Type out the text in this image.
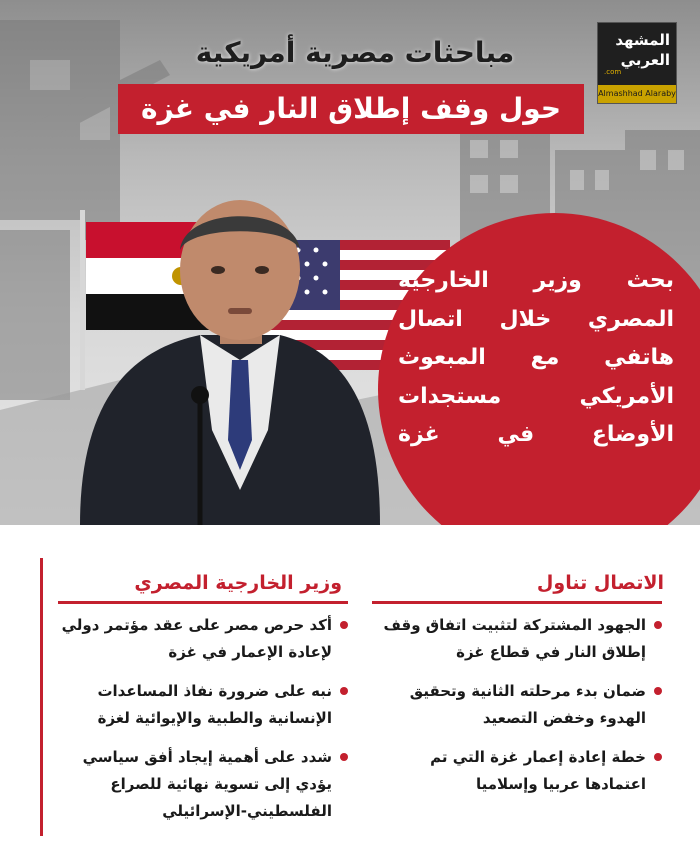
المشهد
العربي
.com
Almashhad Alaraby
مباحثات مصرية أمريكية
حول وقف إطلاق النار في غزة
بحث وزير الخارجية المصري خلال اتصال هاتفي مع المبعوث الأمريكي مستجدات الأوضاع في غزة
الاتصال تناول
الجهود المشتركة لتثبيت اتفاق وقف إطلاق النار في قطاع غزة
ضمان بدء مرحلته الثانية وتحقيق الهدوء وخفض التصعيد
خطة إعادة إعمار غزة التي تم اعتمادها عربيا وإسلاميا
وزير الخارجية المصري
أكد حرص مصر على عقد مؤتمر دولي لإعادة الإعمار في غزة
نبه على ضرورة نفاذ المساعدات الإنسانية والطبية والإيوائية لغزة
شدد على أهمية إيجاد أفق سياسي يؤدي إلى تسوية نهائية للصراع الفلسطيني-الإسرائيلي
